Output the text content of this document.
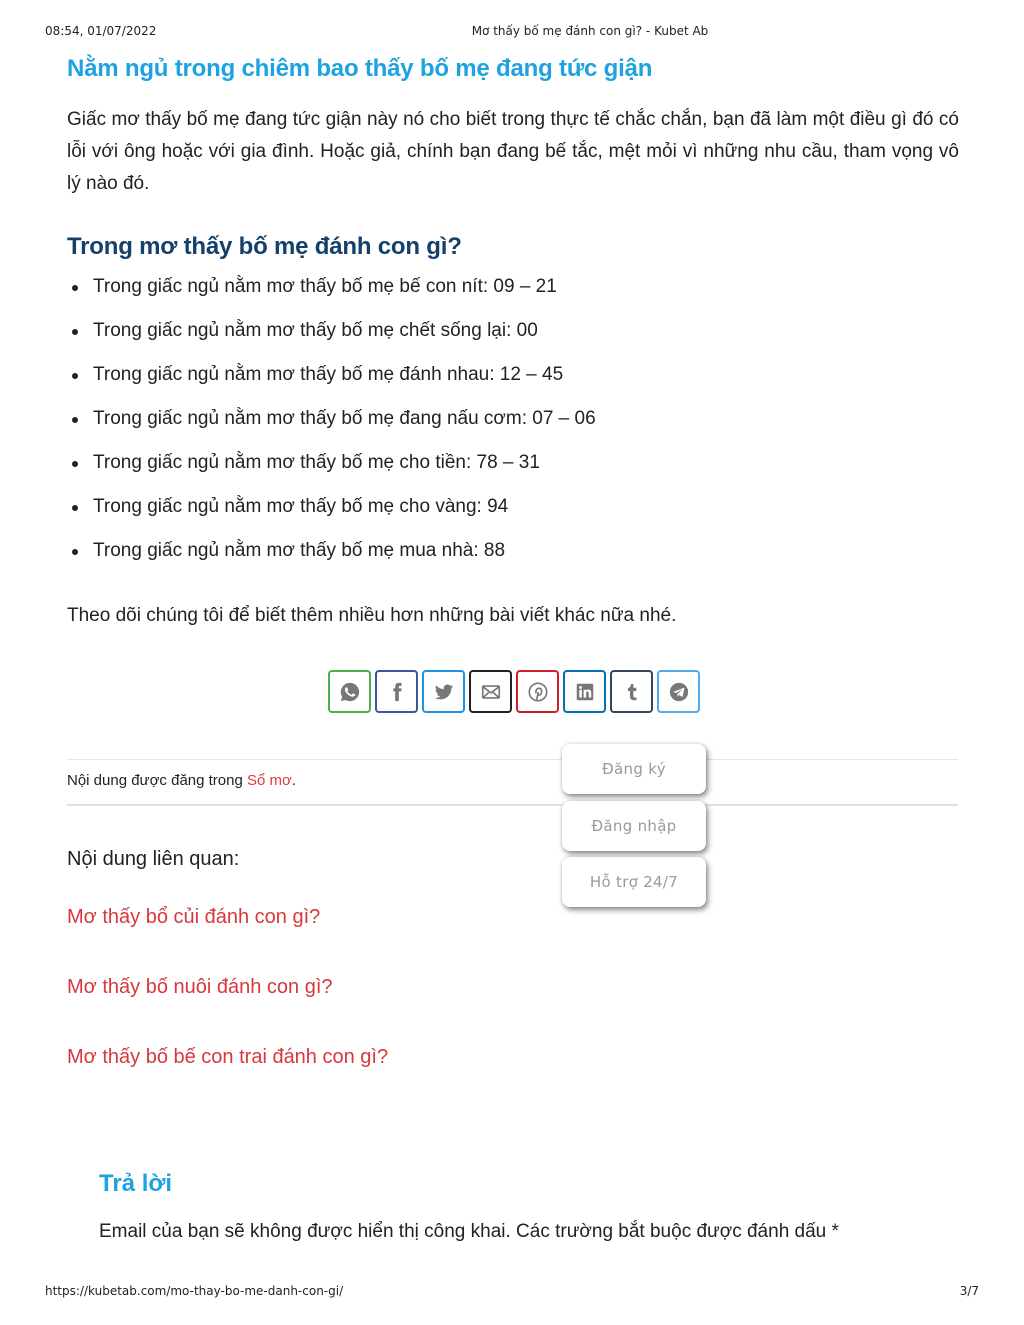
08:54, 01/07/2022	Mơ thấy bố mẹ đánh con gì? - Kubet Ab
Nằm ngủ trong chiêm bao thấy bố mẹ đang tức giận

Giấc mơ thấy bố mẹ đang tức giận này nó cho biết trong thực tế chắc chắn, bạn đã làm một điều gì đó có lỗi với ông hoặc với gia đình. Hoặc giả, chính bạn đang bế tắc, mệt mỏi vì những nhu cầu, tham vọng vô lý nào đó.

Trong mơ thấy bố mẹ đánh con gì?
Trong giấc ngủ nằm mơ thấy bố mẹ bế con nít: 09 – 21
Trong giấc ngủ nằm mơ thấy bố mẹ chết sống lại: 00
Trong giấc ngủ nằm mơ thấy bố mẹ đánh nhau: 12 – 45
Trong giấc ngủ nằm mơ thấy bố mẹ đang nấu cơm: 07 – 06
Trong giấc ngủ nằm mơ thấy bố mẹ cho tiền: 78 – 31
Trong giấc ngủ nằm mơ thấy bố mẹ cho vàng: 94
Trong giấc ngủ nằm mơ thấy bố mẹ mua nhà: 88

Theo dõi chúng tôi để biết thêm nhiều hơn những bài viết khác nữa nhé.

Nội dung được đăng trong Sổ mơ.
Nội dung liên quan:
Mơ thấy bổ củi đánh con gì?
Mơ thấy bố nuôi đánh con gì?
Mơ thấy bố bế con trai đánh con gì?
Đăng ký
Đăng nhập
Hỗ trợ 24/7
Trả lời

Email của bạn sẽ không được hiển thị công khai. Các trường bắt buộc được đánh dấu *

https://kubetab.com/mo-thay-bo-me-danh-con-gi/	3/7
